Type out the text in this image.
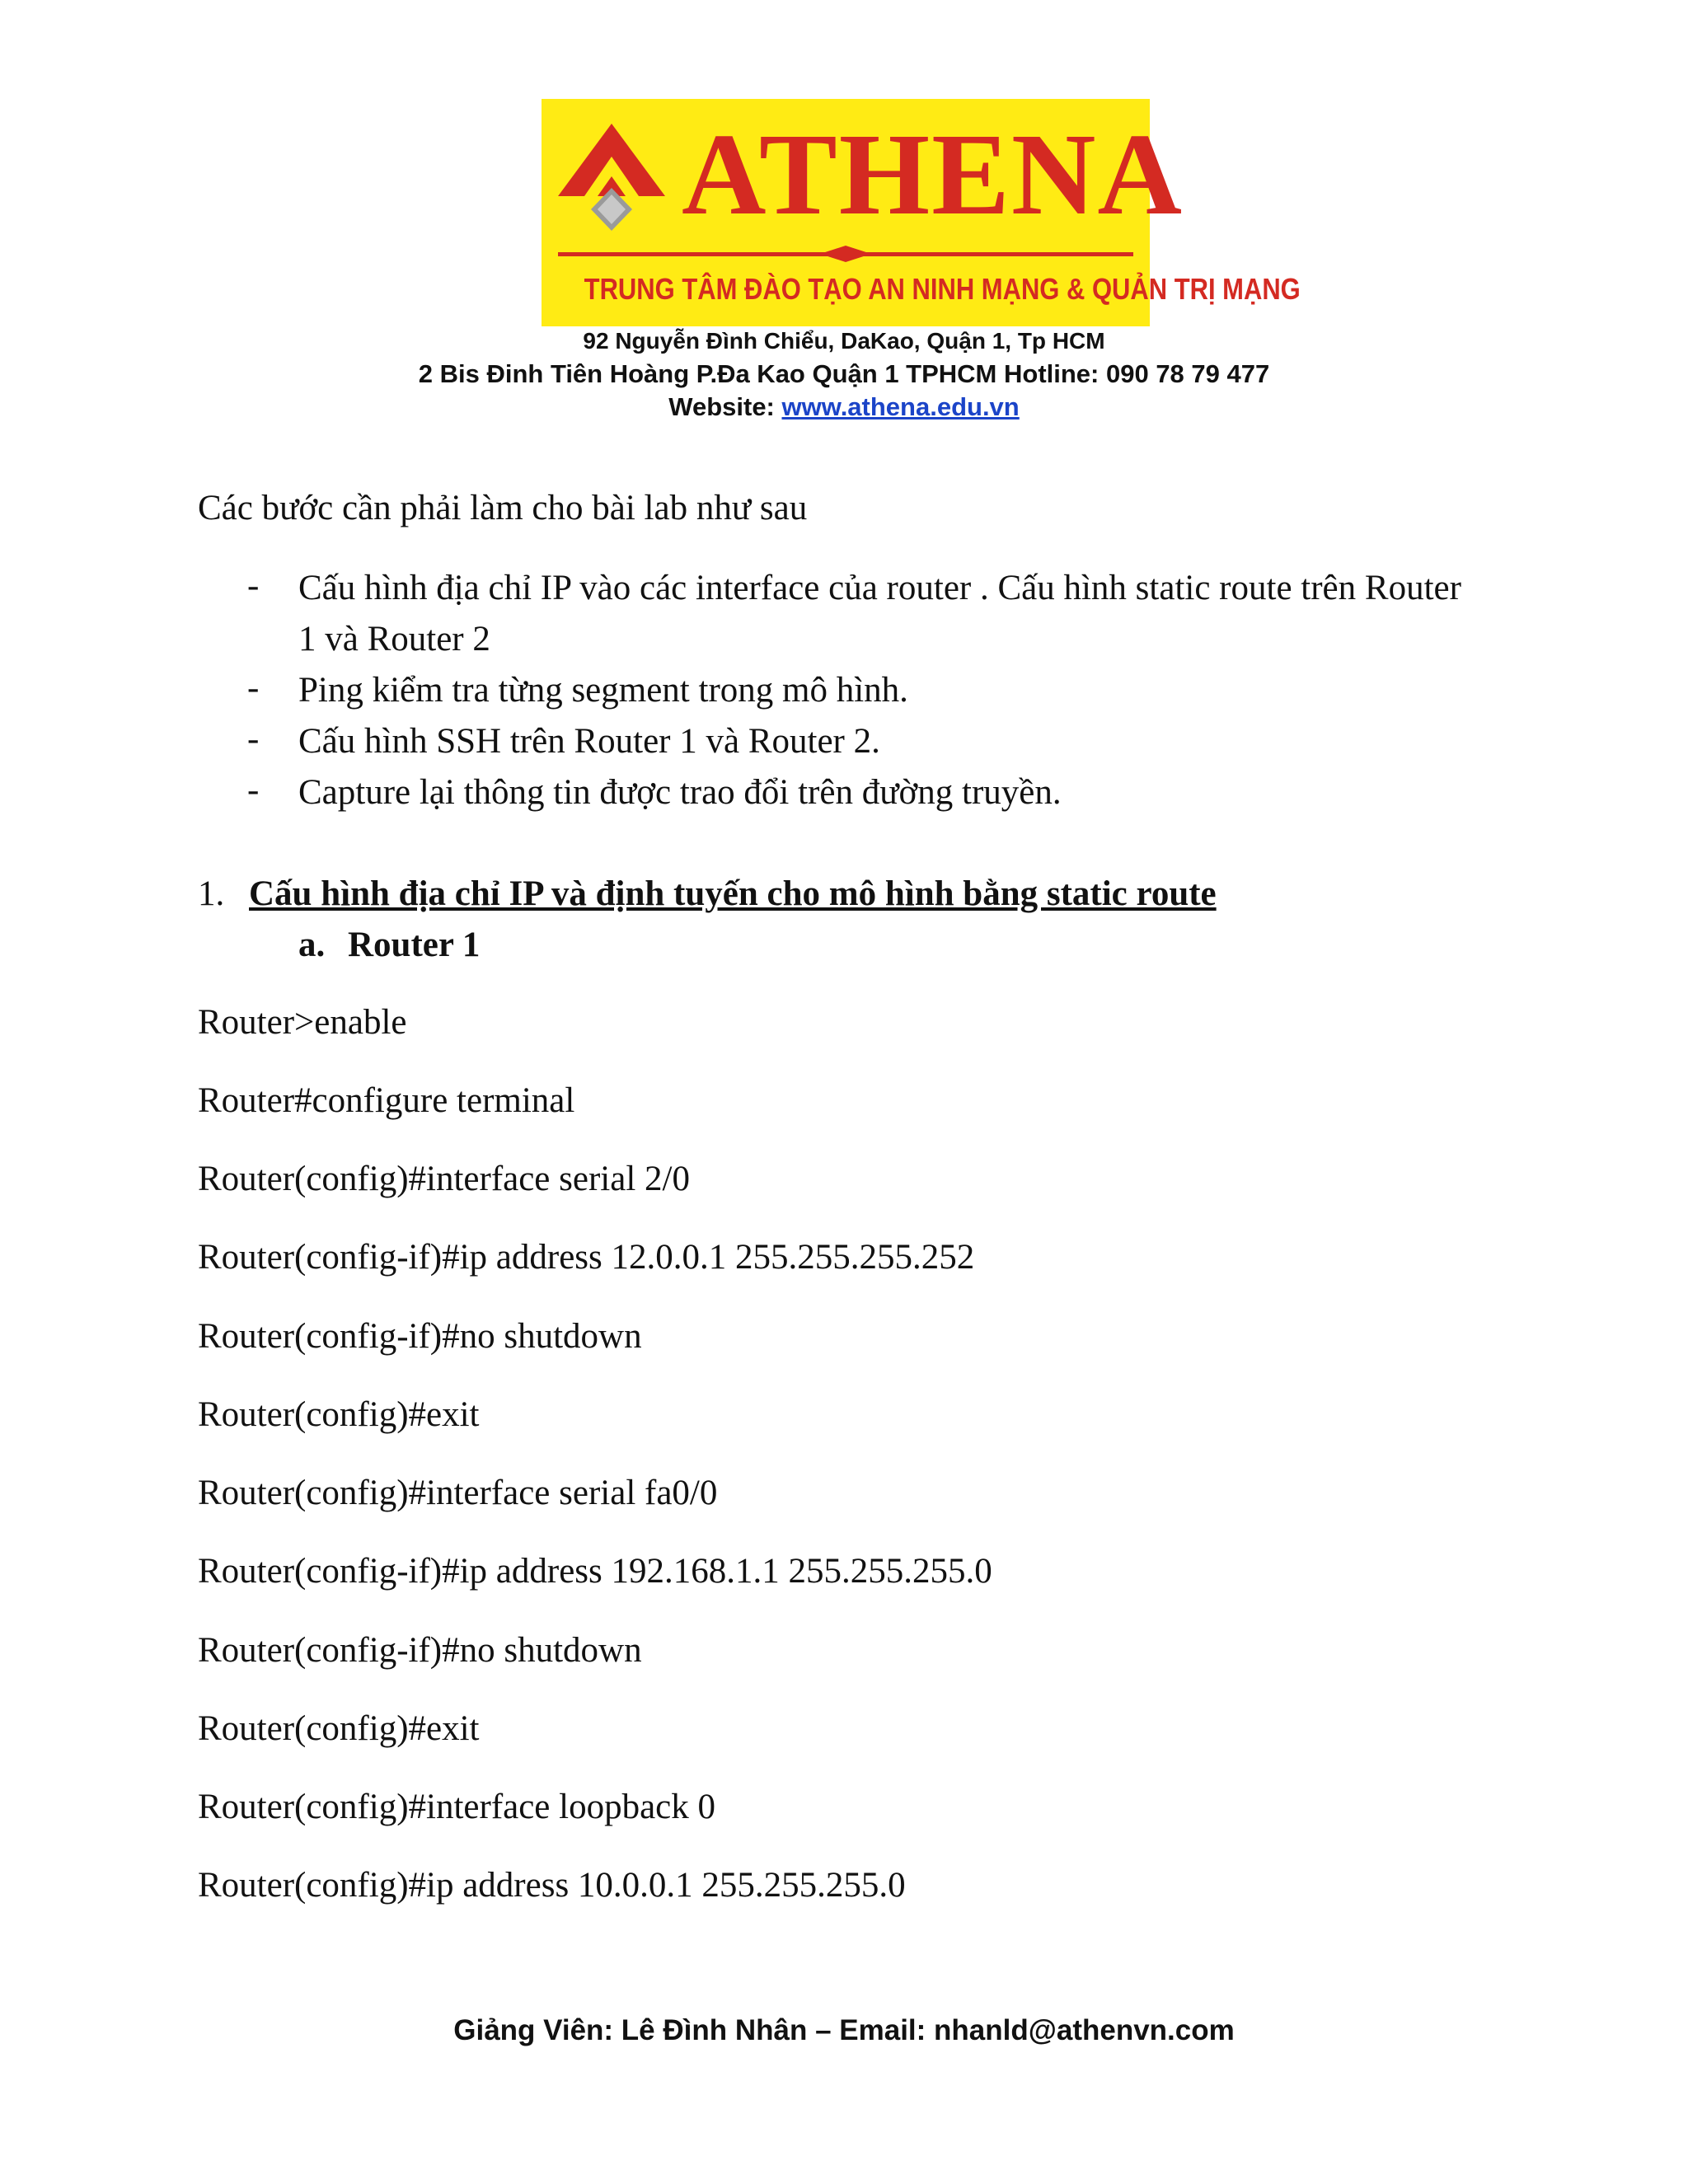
ATHENA
TRUNG TÂM ĐÀO TẠO AN NINH MẠNG & QUẢN TRỊ MẠNG
92 Nguyễn Đình Chiểu, DaKao, Quận 1, Tp HCM
2 Bis Đinh Tiên Hoàng P.Đa Kao Quận 1 TPHCM Hotline: 090 78 79 477
Website: www.athena.edu.vn
Các bước cần phải làm cho bài lab như sau
- Cấu hình địa chỉ IP vào các interface của router . Cấu hình static route trên Router 1 và Router 2
- Ping kiểm tra từng segment trong mô hình.
- Cấu hình SSH trên Router 1 và Router 2.
- Capture lại thông tin được trao đổi trên đường truyền.
1. Cấu hình địa chỉ IP và định tuyến cho mô hình bằng static route
a. Router 1
Router>enable
Router#configure terminal
Router(config)#interface serial 2/0
Router(config-if)#ip address 12.0.0.1 255.255.255.252
Router(config-if)#no shutdown
Router(config)#exit
Router(config)#interface serial fa0/0
Router(config-if)#ip address 192.168.1.1 255.255.255.0
Router(config-if)#no shutdown
Router(config)#exit
Router(config)#interface loopback 0
Router(config)#ip address 10.0.0.1 255.255.255.0
Giảng Viên: Lê Đình Nhân – Email: nhanld@athenvn.com
